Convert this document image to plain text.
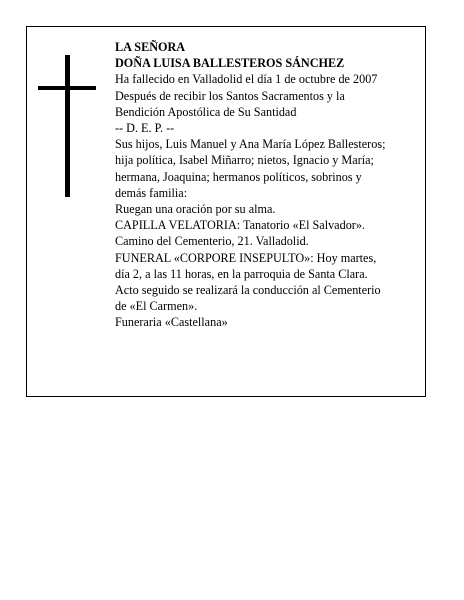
LA SEÑORA
DOÑA LUISA BALLESTEROS SÁNCHEZ
Ha fallecido en Valladolid el día 1 de octubre de 2007
Después de recibir los Santos Sacramentos y la
Bendición Apostólica de Su Santidad
-- D. E. P. --
Sus hijos, Luis Manuel y Ana María López Ballesteros;
hija política, Isabel Miñarro; nietos, Ignacio y María;
hermana, Joaquina; hermanos políticos, sobrinos y
demás familia:
Ruegan una oración por su alma.
CAPILLA VELATORIA: Tanatorio «El Salvador».
Camino del Cementerio, 21. Valladolid.
FUNERAL «CORPORE INSEPULTO»: Hoy martes,
día 2, a las 11 horas, en la parroquia de Santa Clara.
Acto seguido se realizará la conducción al Cementerio
de «El Carmen».
Funeraria «Castellana»
